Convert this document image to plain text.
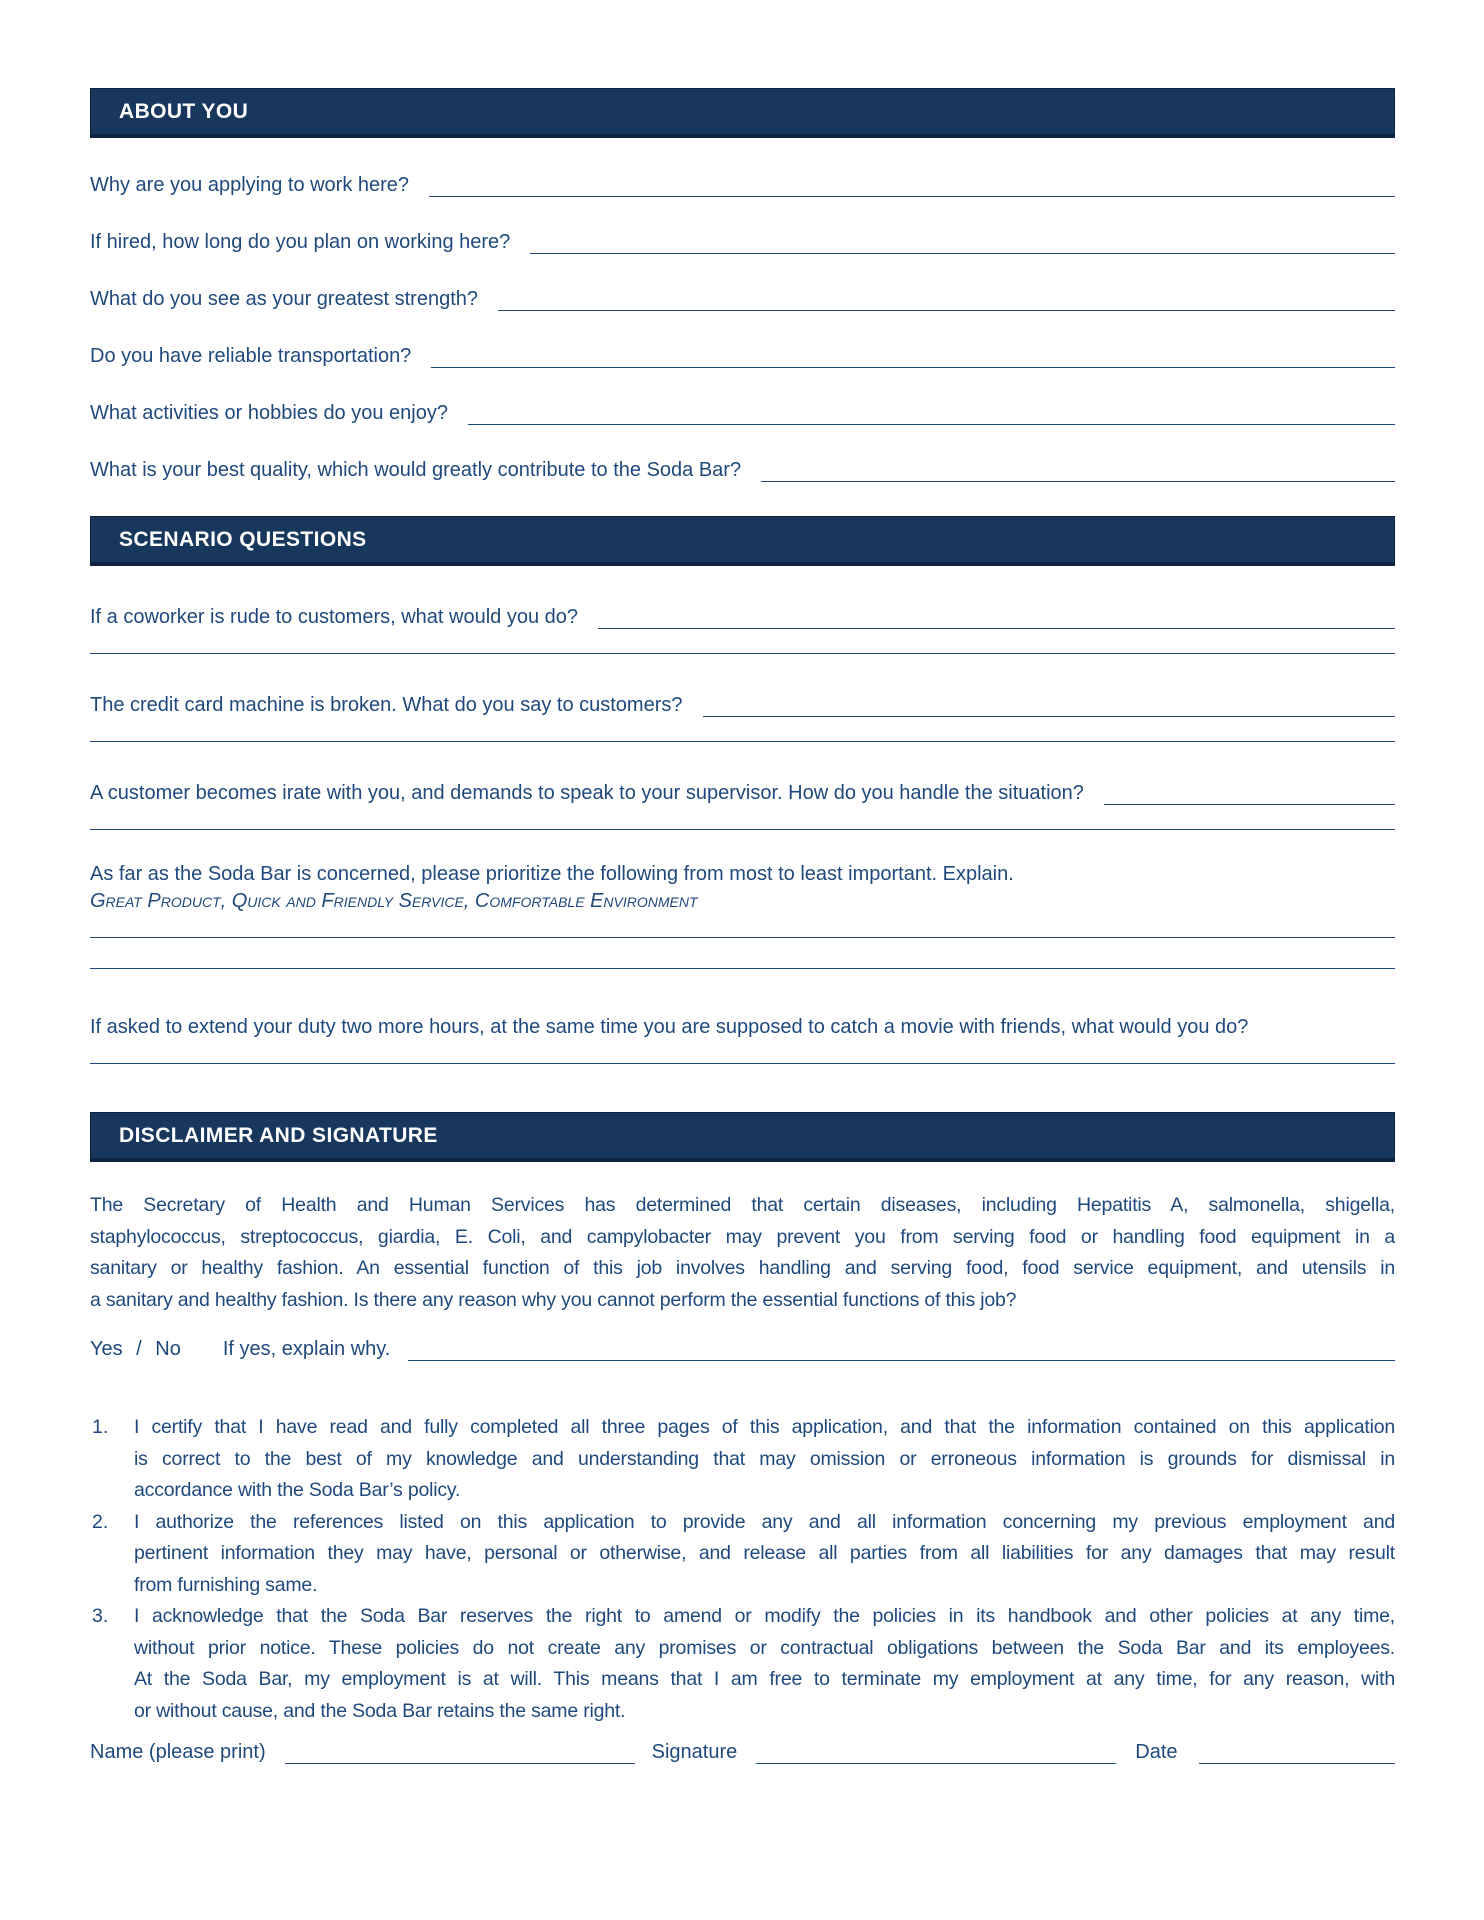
ABOUT YOU
Why are you applying to work here?
If hired, how long do you plan on working here?
What do you see as your greatest strength?
Do you have reliable transportation?
What activities or hobbies do you enjoy?
What is your best quality, which would greatly contribute to the Soda Bar?
SCENARIO QUESTIONS
If a coworker is rude to customers, what would you do?
The credit card machine is broken. What do you say to customers?
A customer becomes irate with you, and demands to speak to your supervisor. How do you handle the situation?
As far as the Soda Bar is concerned, please prioritize the following from most to least important. Explain.
Great Product, Quick and Friendly Service, Comfortable Environment
If asked to extend your duty two more hours, at the same time you are supposed to catch a movie with friends, what would you do?
DISCLAIMER AND SIGNATURE
The Secretary of Health and Human Services has determined that certain diseases, including Hepatitis A, salmonella, shigella,
staphylococcus, streptococcus, giardia, E. Coli, and campylobacter may prevent you from serving food or handling food equipment in a
sanitary or healthy fashion. An essential function of this job involves handling and serving food, food service equipment, and utensils in
a sanitary and healthy fashion. Is there any reason why you cannot perform the essential functions of this job?
Yes / No If yes, explain why.
1. I certify that I have read and fully completed all three pages of this application, and that the information contained on this application
is correct to the best of my knowledge and understanding that may omission or erroneous information is grounds for dismissal in
accordance with the Soda Bar’s policy.
2. I authorize the references listed on this application to provide any and all information concerning my previous employment and
pertinent information they may have, personal or otherwise, and release all parties from all liabilities for any damages that may result
from furnishing same.
3. I acknowledge that the Soda Bar reserves the right to amend or modify the policies in its handbook and other policies at any time,
without prior notice. These policies do not create any promises or contractual obligations between the Soda Bar and its employees.
At the Soda Bar, my employment is at will. This means that I am free to terminate my employment at any time, for any reason, with
or without cause, and the Soda Bar retains the same right.
Name (please print)	Signature	Date
